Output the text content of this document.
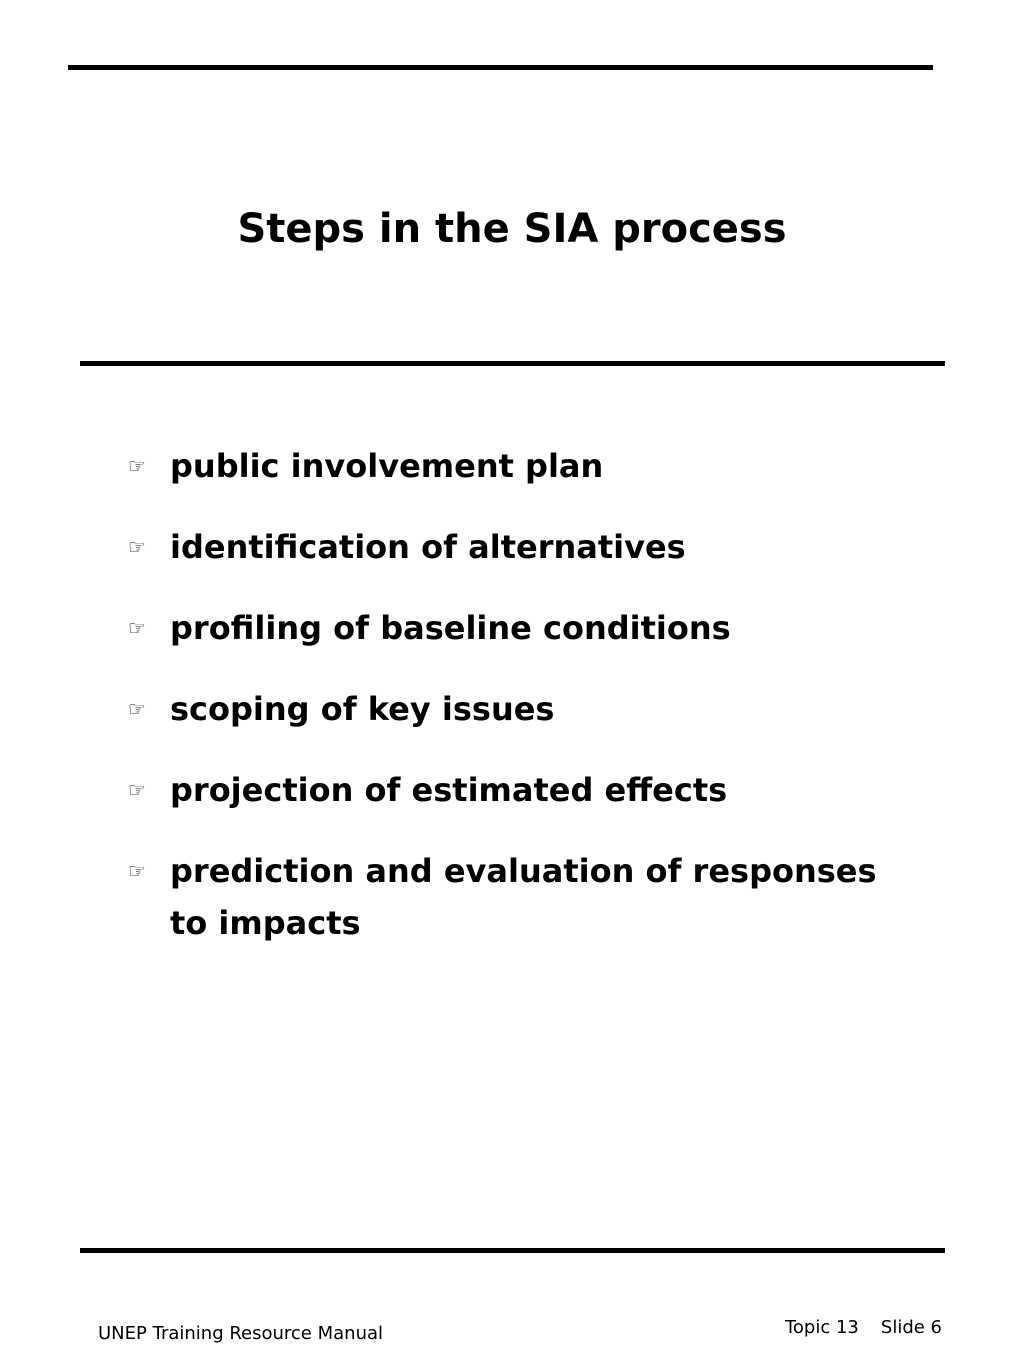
Steps in the SIA process
☞ public involvement plan
☞ identification of alternatives
☞ profiling of baseline conditions
☞ scoping of key issues
☞ projection of estimated effects
☞ prediction and evaluation of responses to impacts
UNEP Training Resource Manual	Topic 13 Slide 6
